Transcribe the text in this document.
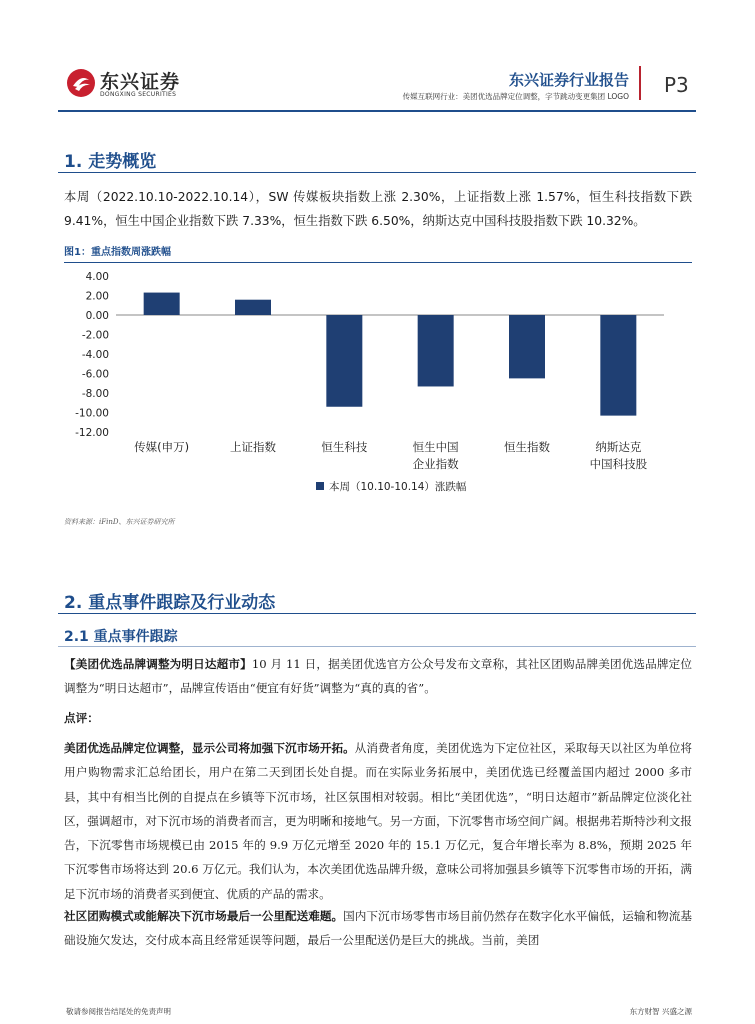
东兴证券
DONGXING SECURITIES
东兴证券行业报告
传媒互联网行业：美团优选品牌定位调整，字节跳动变更集团 LOGO P3
1. 走势概览
本周（2022.10.10-2022.10.14），SW 传媒板块指数上涨 2.30%，上证指数上涨 1.57%，恒生科技指数下跌 9.41%，恒生中国企业指数下跌 7.33%，恒生指数下跌 6.50%，纳斯达克中国科技股指数下跌 10.32%。
图1：重点指数周涨跌幅
4.00
2.00
0.00
-2.00
-4.00
-6.00
-8.00
-10.00
-12.00
传媒(申万)	上证指数	恒生科技	恒生中国
企业指数
恒生指数	纳斯达克
中国科技股
本周（10.10-10.14）涨跌幅
资料来源：iFinD、东兴证券研究所
2. 重点事件跟踪及行业动态
2.1 重点事件跟踪
【美团优选品牌调整为明日达超市】10 月 11 日，据美团优选官方公众号发布文章称，其社区团购品牌美团优选品牌定位调整为“明日达超市”，品牌宣传语由“便宜有好货”调整为“真的真的省”。
点评：
美团优选品牌定位调整，显示公司将加强下沉市场开拓。从消费者角度，美团优选为下定位社区，采取每天以社区为单位将用户购物需求汇总给团长，用户在第二天到团长处自提。而在实际业务拓展中，美团优选已经覆盖国内超过 2000 多市县，其中有相当比例的自提点在乡镇等下沉市场，社区氛围相对较弱。相比“美团优选”，“明日达超市”新品牌定位淡化社区，强调超市，对下沉市场的消费者而言，更为明晰和接地气。另一方面，下沉零售市场空间广阔。根据弗若斯特沙利文报告，下沉零售市场规模已由 2015 年的 9.9 万亿元增至 2020 年的 15.1 万亿元，复合年增长率为 8.8%，预期 2025 年下沉零售市场将达到 20.6 万亿元。我们认为，本次美团优选品牌升级，意味公司将加强县乡镇等下沉零售市场的开拓，满足下沉市场的消费者买到便宜、优质的产品的需求。
社区团购模式或能解决下沉市场最后一公里配送难题。国内下沉市场零售市场目前仍然存在数字化水平偏低，运输和物流基础设施欠发达，交付成本高且经常延误等问题，最后一公里配送仍是巨大的挑战。当前，美团
敬请参阅报告结尾处的免责声明	东方财智 兴盛之源
